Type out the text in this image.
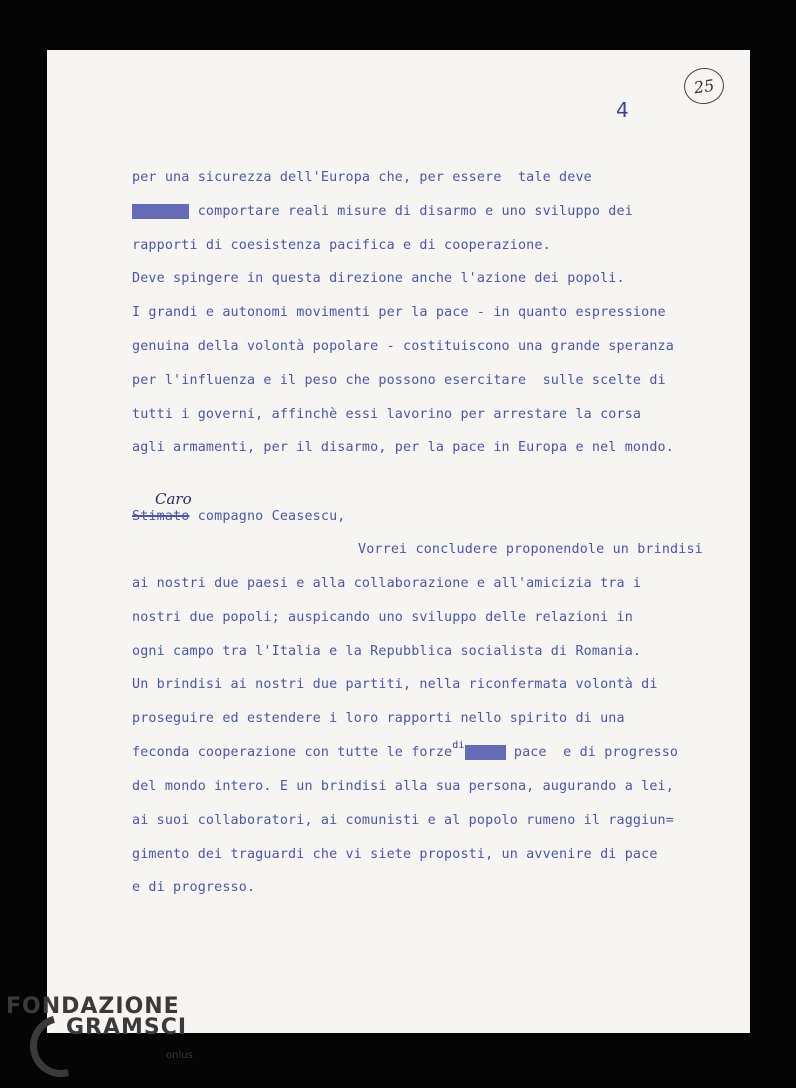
25
4
per una sicurezza dell'Europa che, per essere  tale deve
veramen comportare reali misure di disarmo e uno sviluppo dei
rapporti di coesistenza pacifica e di cooperazione.
Deve spingere in questa direzione anche l'azione dei popoli.
I grandi e autonomi movimenti per la pace - in quanto espressione
genuina della volontà popolare - costituiscono una grande speranza
per l'influenza e il peso che possono esercitare  sulle scelte di
tutti i governi, affinchè essi lavorino per arrestare la corsa
agli armamenti, per il disarmo, per la pace in Europa e nel mondo.
Caro
Stimato compagno Ceasescu,
Vorrei concludere proponendole un brindisi
ai nostri due paesi e alla collaborazione e all'amicizia tra i
nostri due popoli; auspicando uno sviluppo delle relazioni in
ogni campo tra l'Italia e la Repubblica socialista di Romania.
Un brindisi ai nostri due partiti, nella riconfermata volontà di
proseguire ed estendere i loro rapporti nello spirito di una
feconda cooperazione con tutte le forze$^{di}$della pace  e di progresso
del mondo intero. E un brindisi alla sua persona, augurando a lei,
ai suoi collaboratori, ai comunisti e al popolo rumeno il raggiun=
gimento dei traguardi che vi siete proposti, un avvenire di pace
e di progresso.
FONDAZIONE
GRAMSCI
onlus
